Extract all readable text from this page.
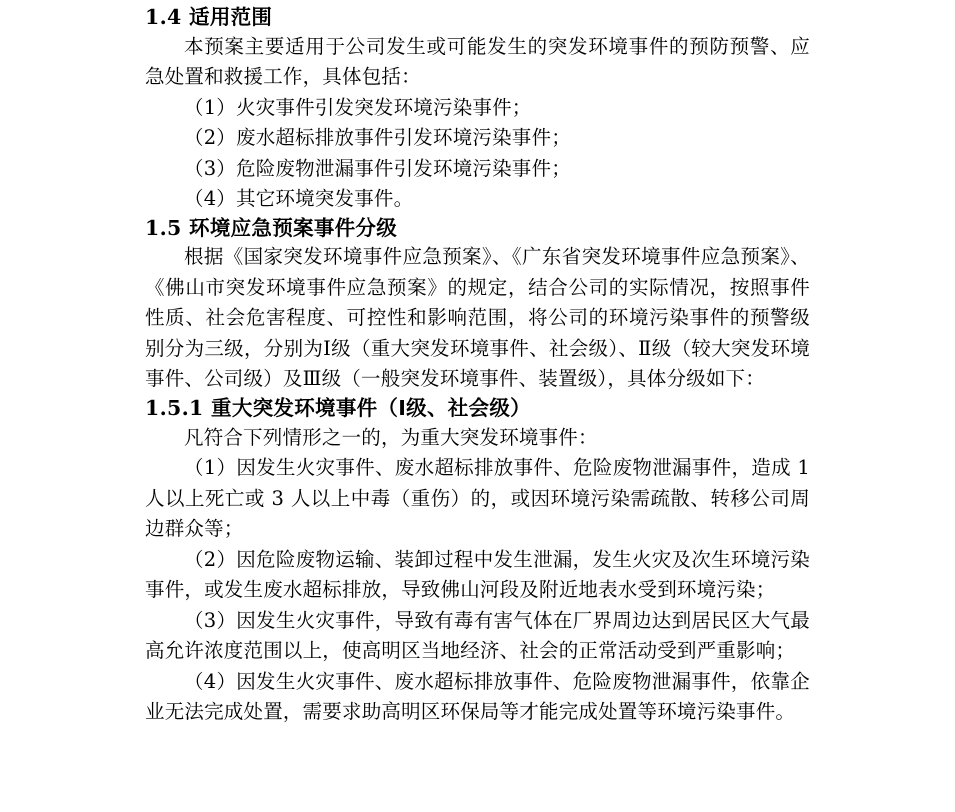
1.4 适用范围

本预案主要适用于公司发生或可能发生的突发环境事件的预防预警、应急处置和救援工作，具体包括：

（1）火灾事件引发突发环境污染事件；

（2）废水超标排放事件引发环境污染事件；

（3）危险废物泄漏事件引发环境污染事件；

（4）其它环境突发事件。

1.5 环境应急预案事件分级

根据《国家突发环境事件应急预案》、《广东省突发环境事件应急预案》、《佛山市突发环境事件应急预案》的规定，结合公司的实际情况，按照事件性质、社会危害程度、可控性和影响范围，将公司的环境污染事件的预警级别分为三级，分别为I级（重大突发环境事件、社会级）、Ⅱ级（较大突发环境事件、公司级）及Ⅲ级（一般突发环境事件、装置级），具体分级如下：

1.5.1 重大突发环境事件（I级、社会级）

凡符合下列情形之一的，为重大突发环境事件：

（1）因发生火灾事件、废水超标排放事件、危险废物泄漏事件，造成 1 人以上死亡或 3 人以上中毒（重伤）的，或因环境污染需疏散、转移公司周边群众等；

（2）因危险废物运输、装卸过程中发生泄漏，发生火灾及次生环境污染事件，或发生废水超标排放，导致佛山河段及附近地表水受到环境污染；

（3）因发生火灾事件，导致有毒有害气体在厂界周边达到居民区大气最高允许浓度范围以上，使高明区当地经济、社会的正常活动受到严重影响；

（4）因发生火灾事件、废水超标排放事件、危险废物泄漏事件，依靠企业无法完成处置，需要求助高明区环保局等才能完成处置等环境污染事件。
